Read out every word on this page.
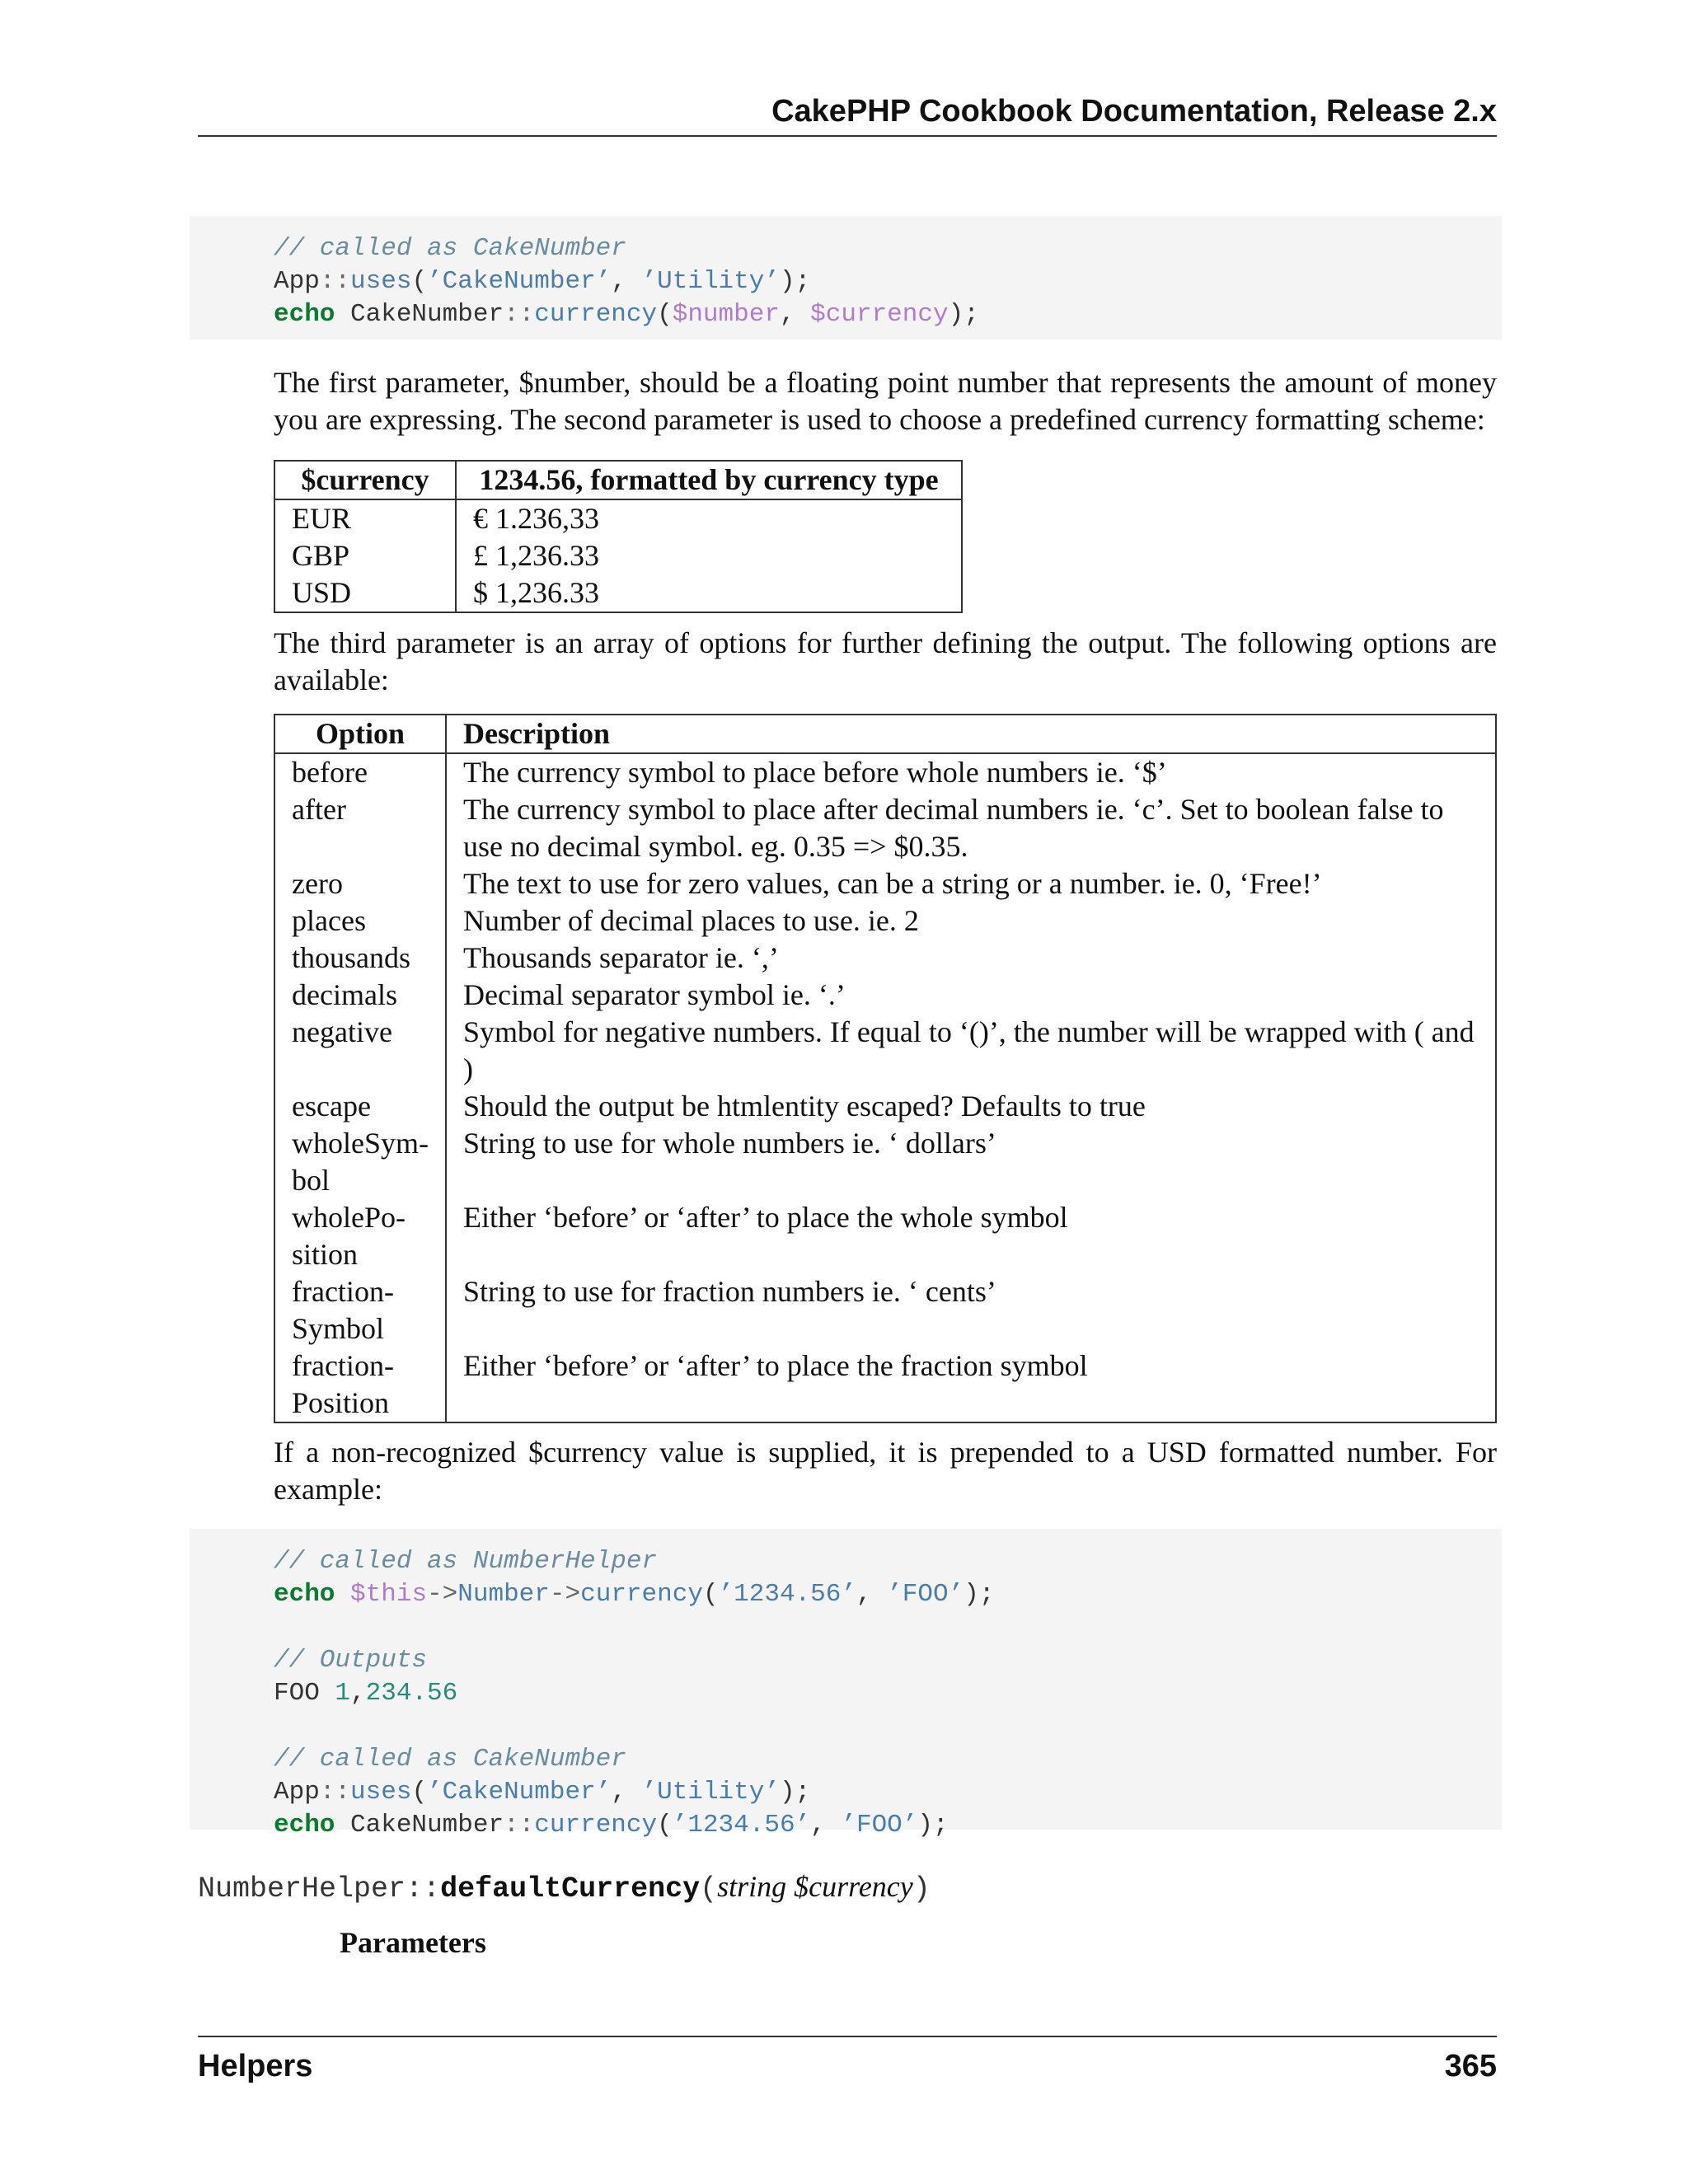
CakePHP Cookbook Documentation, Release 2.x
// called as CakeNumber
App::uses(’CakeNumber’, ’Utility’);
echo CakeNumber::currency($number, $currency);
The first parameter, $number, should be a floating point number that represents the amount of money you are expressing. The second parameter is used to choose a predefined currency formatting scheme:
$currency	1234.56, formatted by currency type
EUR	€ 1.236,33
GBP	£ 1,236.33
USD	$ 1,236.33
The third parameter is an array of options for further defining the output. The following options are available:
Option	Description
before	The currency symbol to place before whole numbers ie. ‘$’
after	The currency symbol to place after decimal numbers ie. ‘c’. Set to boolean false to use no decimal symbol. eg. 0.35 => $0.35.
zero	The text to use for zero values, can be a string or a number. ie. 0, ‘Free!’
places	Number of decimal places to use. ie. 2
thousands	Thousands separator ie. ‘,’
decimals	Decimal separator symbol ie. ‘.’
negative	Symbol for negative numbers. If equal to ‘()’, the number will be wrapped with ( and )
escape	Should the output be htmlentity escaped? Defaults to true
wholeSym-
bol	String to use for whole numbers ie. ‘ dollars’
wholePo-
sition	Either ‘before’ or ‘after’ to place the whole symbol
fraction-
Symbol	String to use for fraction numbers ie. ‘ cents’
fraction-
Position	Either ‘before’ or ‘after’ to place the fraction symbol
If a non-recognized $currency value is supplied, it is prepended to a USD formatted number. For example:
// called as NumberHelper
echo $this->Number->currency(’1234.56’, ’FOO’);
// Outputs
FOO 1,234.56
// called as CakeNumber
App::uses(’CakeNumber’, ’Utility’);
echo CakeNumber::currency(’1234.56’, ’FOO’);
NumberHelper::defaultCurrency(string $currency)
Parameters
Helpers	365
